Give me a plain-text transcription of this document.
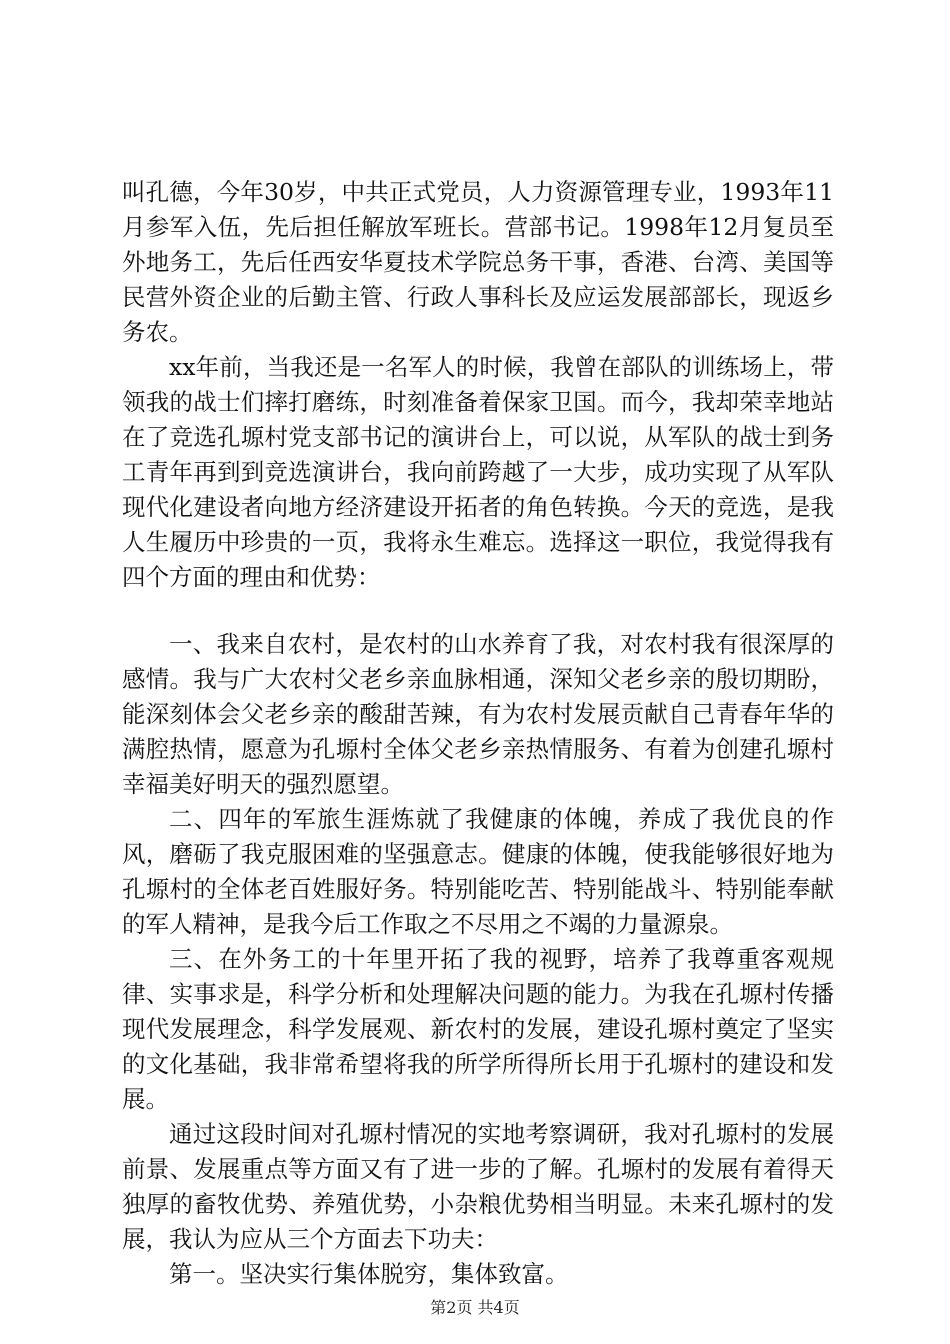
叫孔德，今年30岁，中共正式党员，人力资源管理专业，1993年11月参军入伍，先后担任解放军班长。营部书记。1998年12月复员至外地务工，先后任西安华夏技术学院总务干事，香港、台湾、美国等民营外资企业的后勤主管、行政人事科长及应运发展部部长，现返乡务农。

xx年前，当我还是一名军人的时候，我曾在部队的训练场上，带领我的战士们摔打磨练，时刻准备着保家卫国。而今，我却荣幸地站在了竞选孔塬村党支部书记的演讲台上，可以说，从军队的战士到务工青年再到到竞选演讲台，我向前跨越了一大步，成功实现了从军队现代化建设者向地方经济建设开拓者的角色转换。今天的竞选，是我人生履历中珍贵的一页，我将永生难忘。选择这一职位，我觉得我有四个方面的理由和优势：

一、我来自农村，是农村的山水养育了我，对农村我有很深厚的感情。我与广大农村父老乡亲血脉相通，深知父老乡亲的殷切期盼，能深刻体会父老乡亲的酸甜苦辣，有为农村发展贡献自己青春年华的满腔热情，愿意为孔塬村全体父老乡亲热情服务、有着为创建孔塬村幸福美好明天的强烈愿望。

二、四年的军旅生涯炼就了我健康的体魄，养成了我优良的作风，磨砺了我克服困难的坚强意志。健康的体魄，使我能够很好地为孔塬村的全体老百姓服好务。特别能吃苦、特别能战斗、特别能奉献的军人精神，是我今后工作取之不尽用之不竭的力量源泉。

三、在外务工的十年里开拓了我的视野，培养了我尊重客观规律、实事求是，科学分析和处理解决问题的能力。为我在孔塬村传播现代发展理念，科学发展观、新农村的发展，建设孔塬村奠定了坚实的文化基础，我非常希望将我的所学所得所长用于孔塬村的建设和发展。

通过这段时间对孔塬村情况的实地考察调研，我对孔塬村的发展前景、发展重点等方面又有了进一步的了解。孔塬村的发展有着得天独厚的畜牧优势、养殖优势，小杂粮优势相当明显。未来孔塬村的发展，我认为应从三个方面去下功夫：

第一。坚决实行集体脱穷，集体致富。

第2页 共4页
